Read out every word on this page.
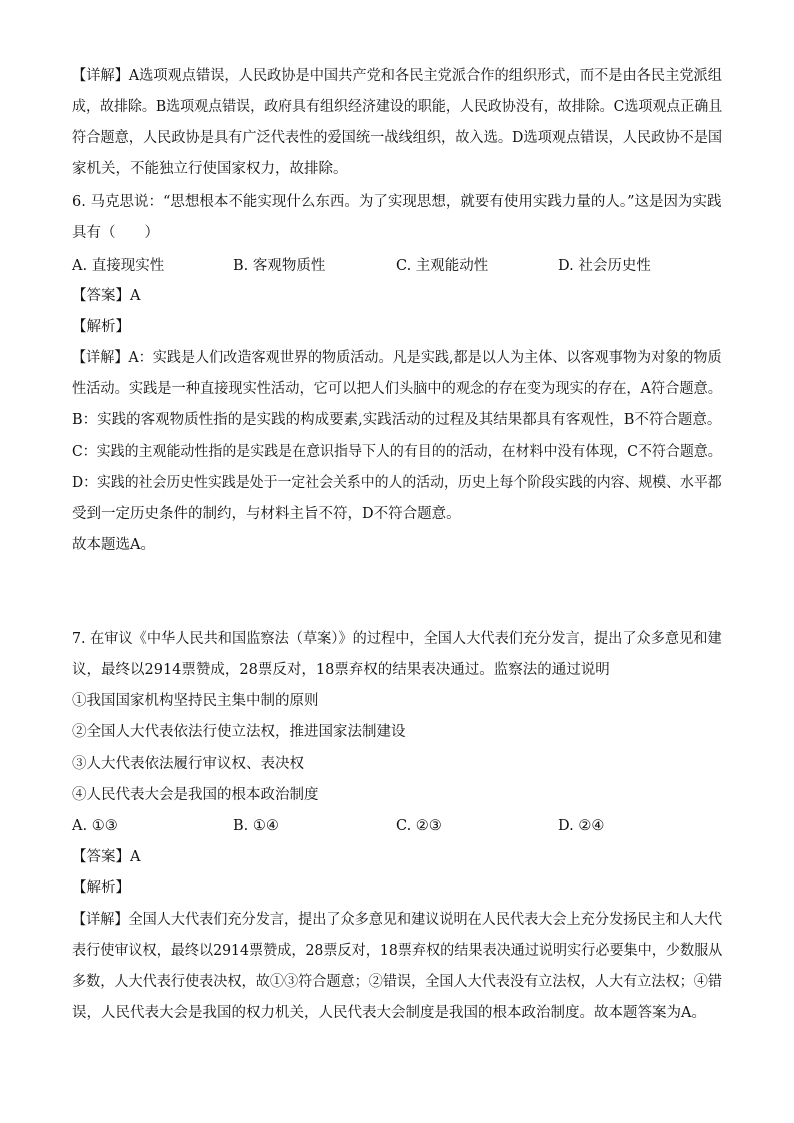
【详解】A选项观点错误，人民政协是中国共产党和各民主党派合作的组织形式，而不是由各民主党派组
成，故排除。B选项观点错误，政府具有组织经济建设的职能，人民政协没有，故排除。C选项观点正确且
符合题意，人民政协是具有广泛代表性的爱国统一战线组织，故入选。D选项观点错误，人民政协不是国
家机关，不能独立行使国家权力，故排除。
6. 马克思说：“思想根本不能实现什么东西。为了实现思想，就要有使用实践力量的人。”这是因为实践
具有（　　）
A. 直接现实性	B. 客观物质性	C. 主观能动性	D. 社会历史性
【答案】A
【解析】
【详解】A：实践是人们改造客观世界的物质活动。凡是实践,都是以人为主体、以客观事物为对象的物质
性活动。实践是一种直接现实性活动，它可以把人们头脑中的观念的存在变为现实的存在，A符合题意。
B：实践的客观物质性指的是实践的构成要素,实践活动的过程及其结果都具有客观性，B不符合题意。
C：实践的主观能动性指的是实践是在意识指导下人的有目的的活动，在材料中没有体现，C不符合题意。
D：实践的社会历史性实践是处于一定社会关系中的人的活动，历史上每个阶段实践的内容、规模、水平都
受到一定历史条件的制约，与材料主旨不符，D不符合题意。
故本题选A。
7. 在审议《中华人民共和国监察法（草案）》的过程中，全国人大代表们充分发言，提出了众多意见和建
议，最终以2914票赞成，28票反对，18票弃权的结果表决通过。监察法的通过说明
①我国国家机构坚持民主集中制的原则
②全国人大代表依法行使立法权，推进国家法制建设
③人大代表依法履行审议权、表决权
④人民代表大会是我国的根本政治制度
A. ①③	B. ①④	C. ②③	D. ②④
【答案】A
【解析】
【详解】全国人大代表们充分发言，提出了众多意见和建议说明在人民代表大会上充分发扬民主和人大代
表行使审议权，最终以2914票赞成，28票反对，18票弃权的结果表决通过说明实行必要集中，少数服从
多数，人大代表行使表决权，故①③符合题意；②错误，全国人大代表没有立法权，人大有立法权；④错
误，人民代表大会是我国的权力机关，人民代表大会制度是我国的根本政治制度。故本题答案为A。
